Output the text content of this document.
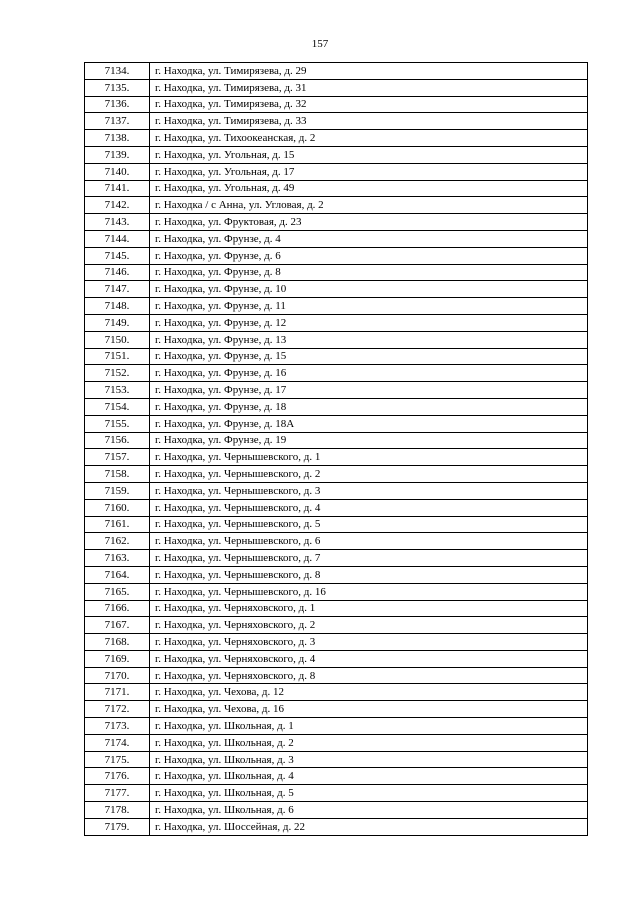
157
7134.	г. Находка, ул. Тимирязева, д. 29
7135.	г. Находка, ул. Тимирязева, д. 31
7136.	г. Находка, ул. Тимирязева, д. 32
7137.	г. Находка, ул. Тимирязева, д. 33
7138.	г. Находка, ул. Тихоокеанская, д. 2
7139.	г. Находка, ул. Угольная, д. 15
7140.	г. Находка, ул. Угольная, д. 17
7141.	г. Находка, ул. Угольная, д. 49
7142.	г. Находка / с Анна, ул. Угловая, д. 2
7143.	г. Находка, ул. Фруктовая, д. 23
7144.	г. Находка, ул. Фрунзе, д. 4
7145.	г. Находка, ул. Фрунзе, д. 6
7146.	г. Находка, ул. Фрунзе, д. 8
7147.	г. Находка, ул. Фрунзе, д. 10
7148.	г. Находка, ул. Фрунзе, д. 11
7149.	г. Находка, ул. Фрунзе, д. 12
7150.	г. Находка, ул. Фрунзе, д. 13
7151.	г. Находка, ул. Фрунзе, д. 15
7152.	г. Находка, ул. Фрунзе, д. 16
7153.	г. Находка, ул. Фрунзе, д. 17
7154.	г. Находка, ул. Фрунзе, д. 18
7155.	г. Находка, ул. Фрунзе, д. 18А
7156.	г. Находка, ул. Фрунзе, д. 19
7157.	г. Находка, ул. Чернышевского, д. 1
7158.	г. Находка, ул. Чернышевского, д. 2
7159.	г. Находка, ул. Чернышевского, д. 3
7160.	г. Находка, ул. Чернышевского, д. 4
7161.	г. Находка, ул. Чернышевского, д. 5
7162.	г. Находка, ул. Чернышевского, д. 6
7163.	г. Находка, ул. Чернышевского, д. 7
7164.	г. Находка, ул. Чернышевского, д. 8
7165.	г. Находка, ул. Чернышевского, д. 16
7166.	г. Находка, ул. Черняховского, д. 1
7167.	г. Находка, ул. Черняховского, д. 2
7168.	г. Находка, ул. Черняховского, д. 3
7169.	г. Находка, ул. Черняховского, д. 4
7170.	г. Находка, ул. Черняховского, д. 8
7171.	г. Находка, ул. Чехова, д. 12
7172.	г. Находка, ул. Чехова, д. 16
7173.	г. Находка, ул. Школьная, д. 1
7174.	г. Находка, ул. Школьная, д. 2
7175.	г. Находка, ул. Школьная, д. 3
7176.	г. Находка, ул. Школьная, д. 4
7177.	г. Находка, ул. Школьная, д. 5
7178.	г. Находка, ул. Школьная, д. 6
7179.	г. Находка, ул. Шоссейная, д. 22
